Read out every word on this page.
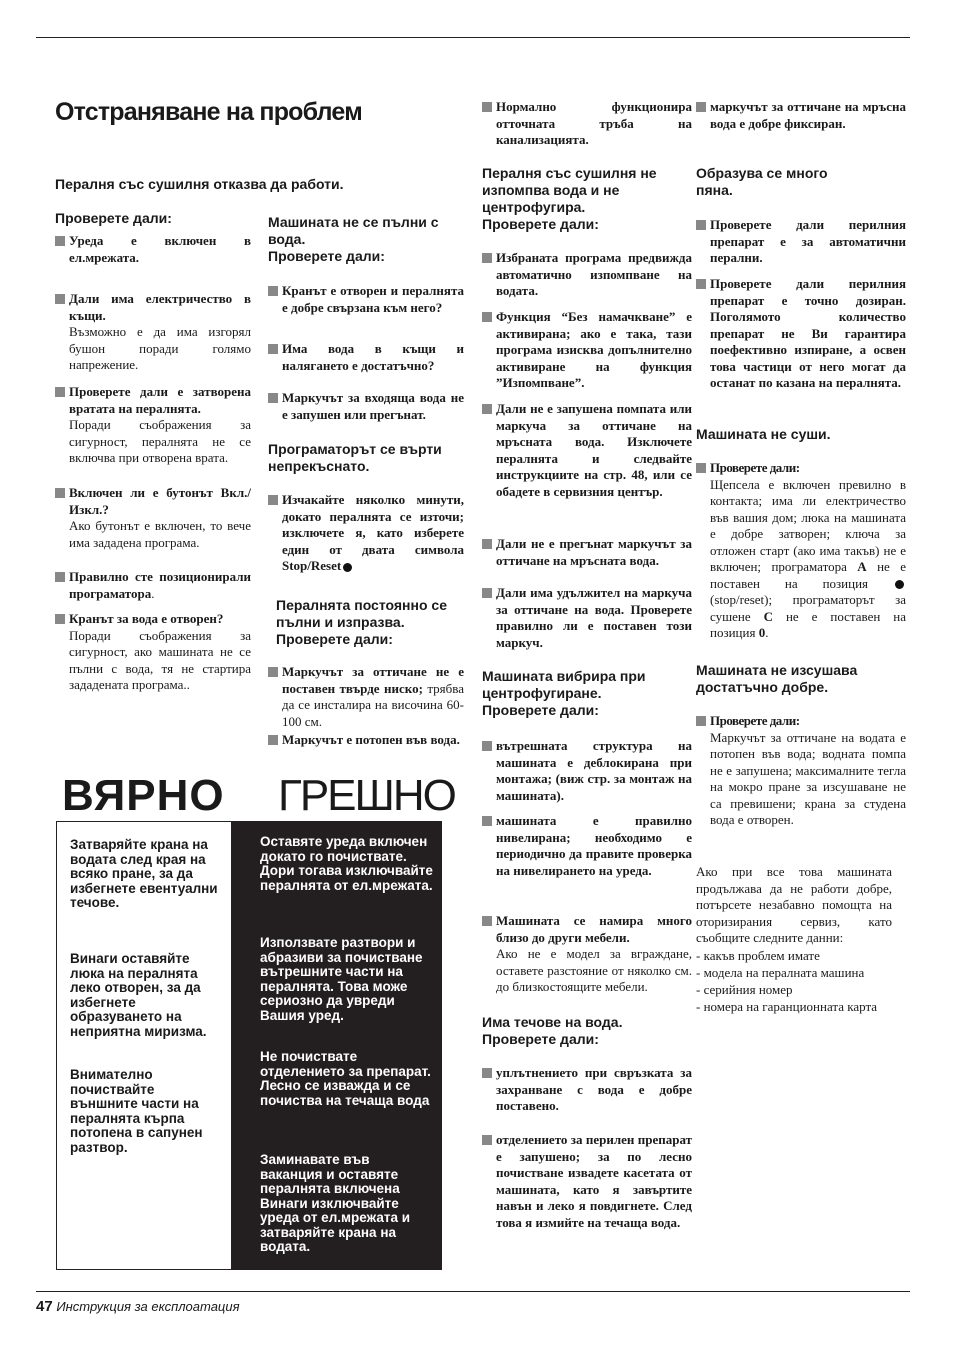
Отстраняване на проблем
Пералня със сушилня отказва да работи.
Проверете дали:
Уреда е включен в ел.мрежата.
Дали има електричество в къщи.
Възможно е да има изгорял бушон поради голямо напрежение.
Проверете дали е затворена вратата на пералнята.
Поради съображения за сигурност, пералнята не се включва при отворена врата.
Включен ли е бутонът Вкл./ Изкл.?
Ако бутонът е включен, то вече има зададена програма.
Правилно сте позиционирали програматора.
Кранът за вода е отворен?
Поради съображения за сигурност, ако машината не се пълни с вода, тя не стартира зададената програма..
Машината не се пълни с вода.
Проверете дали:
Кранът е отворен и пералнята е добре свързана към него?
Има вода в къщи и налягането е достатъчно?
Маркучът за входяща вода не е запушен или прегънат.
Програматорът се върти непрекъснато.
Изчакайте няколко минути, докато пералнята се източи; изключете я, като изберете един от двата символа Stop/Reset
Пералнята постоянно се пълни и изпразва.
Проверете дали:
Маркучът за оттичане не е поставен твърде ниско; трябва да се инсталира на височина 60-100 см.
Маркучът е потопен във вода.
ВЯРНО ГРЕШНО
Затваряйте крана на водата след края на всяко пране, за да избегнете евентуални течове.
Винаги оставяйте люка на пералнята леко отворен, за да избегнете образуването на неприятна миризма.
Внимателно почиствайте външните части на пералнята кърпа потопена в сапунен разтвор.
Оставяте уреда включен докато го почиствате. Дори тогава изключвайте пералнята от ел.мрежата.
Използвате разтвори и абразиви за почистване вътрешните части на пералнята. Това може сериозно да увреди Вашия уред.
Не почиствате отделението за препарат. Лесно се изважда и се почиства на течаща вода
Заминавате във ваканция и оставяте пералнята включена Винаги изключвайте уреда от ел.мрежата и затваряйте крана на водата.
Нормално функционира отточната тръба на канализацията.
Пералня със сушилня не изпомпва вода и не центрофугира.
Проверете дали:
Избраната програма предвижда автоматично изпомпване на водата.
Функция “Без намачкване” е активирана; ако е така, тази програма изисква допълнително активиране на функция ”Изпомпване”.
Дали не е запушена помпата или маркуча за оттичане на мръсната вода. Изключете пералнята и следвайте инструкциите на стр. 48, или се обадете в сервизния център.
Дали не е прегънат маркучът за оттичане на мръсната вода.
Дали има удължител на маркуча за оттичане на вода. Проверете правилно ли е поставен този маркуч.
Машината вибрира при центрофугиране.
Проверете дали:
вътрешната структура на машината е деблокирана при монтажа; (виж стр. за монтаж на машината).
машината е правилно нивелирана; необходимо е периодично да правите проверка на нивелирането на уреда.
Машината се намира много близо до други мебели.
Ако не е модел за вграждане, оставете разстояние от няколко см. до близкостоящите мебели.
Има течове на вода.
Проверете дали:
уплътнението при свръзката за захранване с вода е добре поставено.
отделението за перилен препарат е запушено; за по лесно почистване извадете касетата от машината, като я завъртите навън и леко я повдигнете. След това я измийте на течаща вода.
маркучът за оттичане на мръсна вода е добре фиксиран.
Образува се много пяна.
Проверете дали перилния препарат е за автоматични перални.
Проверете дали перилния препарат е точно дозиран. Поголямото количество препарат не Ви гарантира поефективно изпиране, а освен това частици от него могат да останат по казана на пералнята.
Машината не суши.
Проверете дали:
Щепсела е включен превилно в контакта; има ли електричество във вашия дом; люка на машината е добре затворен; ключа за отложен старт (ако има такъв) не е включен; програматора А не е поставен на позиция  (stop/reset); програматорът за сушене C не е поставен на позиция 0.
Машината не изсушава достатъчно добре.
Проверете дали:
Маркучът за оттичане на водата е потопен във вода; водната помпа не е запушена; максималните тегла на мокро пране за изсушаване не са превишени; крана за студена вода е отворен.
Ако при все това машината продължава да не работи добре, потърсете незабавно помощта на оторизирания сервиз, като съобщите следните данни:
- какъв проблем имате
- модела на пералната машина
- серийния номер
- номера на гаранционната карта
47 Инструкция за експлоатация
